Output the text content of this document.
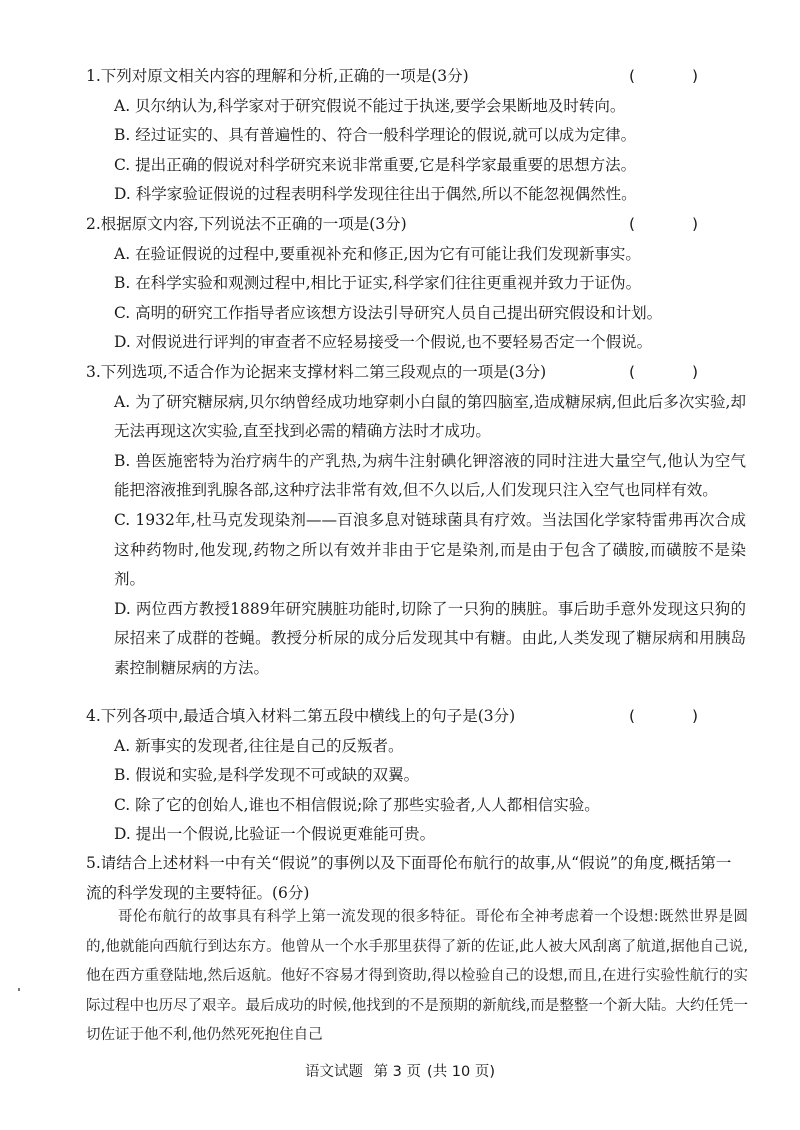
1.下列对原文相关内容的理解和分析,正确的一项是(3分)	( )
A. 贝尔纳认为,科学家对于研究假说不能过于执迷,要学会果断地及时转向。
B. 经过证实的、具有普遍性的、符合一般科学理论的假说,就可以成为定律。
C. 提出正确的假说对科学研究来说非常重要,它是科学家最重要的思想方法。
D. 科学家验证假说的过程表明科学发现往往出于偶然,所以不能忽视偶然性。
2.根据原文内容,下列说法不正确的一项是(3分)	( )
A. 在验证假说的过程中,要重视补充和修正,因为它有可能让我们发现新事实。
B. 在科学实验和观测过程中,相比于证实,科学家们往往更重视并致力于证伪。
C. 高明的研究工作指导者应该想方设法引导研究人员自己提出研究假设和计划。
D. 对假说进行评判的审查者不应轻易接受一个假说,也不要轻易否定一个假说。
3.下列选项,不适合作为论据来支撑材料二第三段观点的一项是(3分)	( )
A. 为了研究糖尿病,贝尔纳曾经成功地穿刺小白鼠的第四脑室,造成糖尿病,但此后多次实验,却无法再现这次实验,直至找到必需的精确方法时才成功。
B. 兽医施密特为治疗病牛的产乳热,为病牛注射碘化钾溶液的同时注进大量空气,他认为空气能把溶液推到乳腺各部,这种疗法非常有效,但不久以后,人们发现只注入空气也同样有效。
C. 1932年,杜马克发现染剂——百浪多息对链球菌具有疗效。当法国化学家特雷弗再次合成这种药物时,他发现,药物之所以有效并非由于它是染剂,而是由于包含了磺胺,而磺胺不是染剂。
D. 两位西方教授1889年研究胰脏功能时,切除了一只狗的胰脏。事后助手意外发现这只狗的尿招来了成群的苍蝇。教授分析尿的成分后发现其中有糖。由此,人类发现了糖尿病和用胰岛素控制糖尿病的方法。
4.下列各项中,最适合填入材料二第五段中横线上的句子是(3分)	( )
A. 新事实的发现者,往往是自己的反叛者。
B. 假说和实验,是科学发现不可或缺的双翼。
C. 除了它的创始人,谁也不相信假说;除了那些实验者,人人都相信实验。
D. 提出一个假说,比验证一个假说更难能可贵。
5.请结合上述材料一中有关“假说”的事例以及下面哥伦布航行的故事,从“假说”的角度,概括第一流的科学发现的主要特征。(6分)
哥伦布航行的故事具有科学上第一流发现的很多特征。哥伦布全神考虑着一个设想:既然世界是圆的,他就能向西航行到达东方。他曾从一个水手那里获得了新的佐证,此人被大风刮离了航道,据他自己说,他在西方重登陆地,然后返航。他好不容易才得到资助,得以检验自己的设想,而且,在进行实验性航行的实际过程中也历尽了艰辛。最后成功的时候,他找到的不是预期的新航线,而是整整一个新大陆。大约任凭一切佐证于他不利,他仍然死死抱住自己
语文试题 第 3 页 (共 10 页)
